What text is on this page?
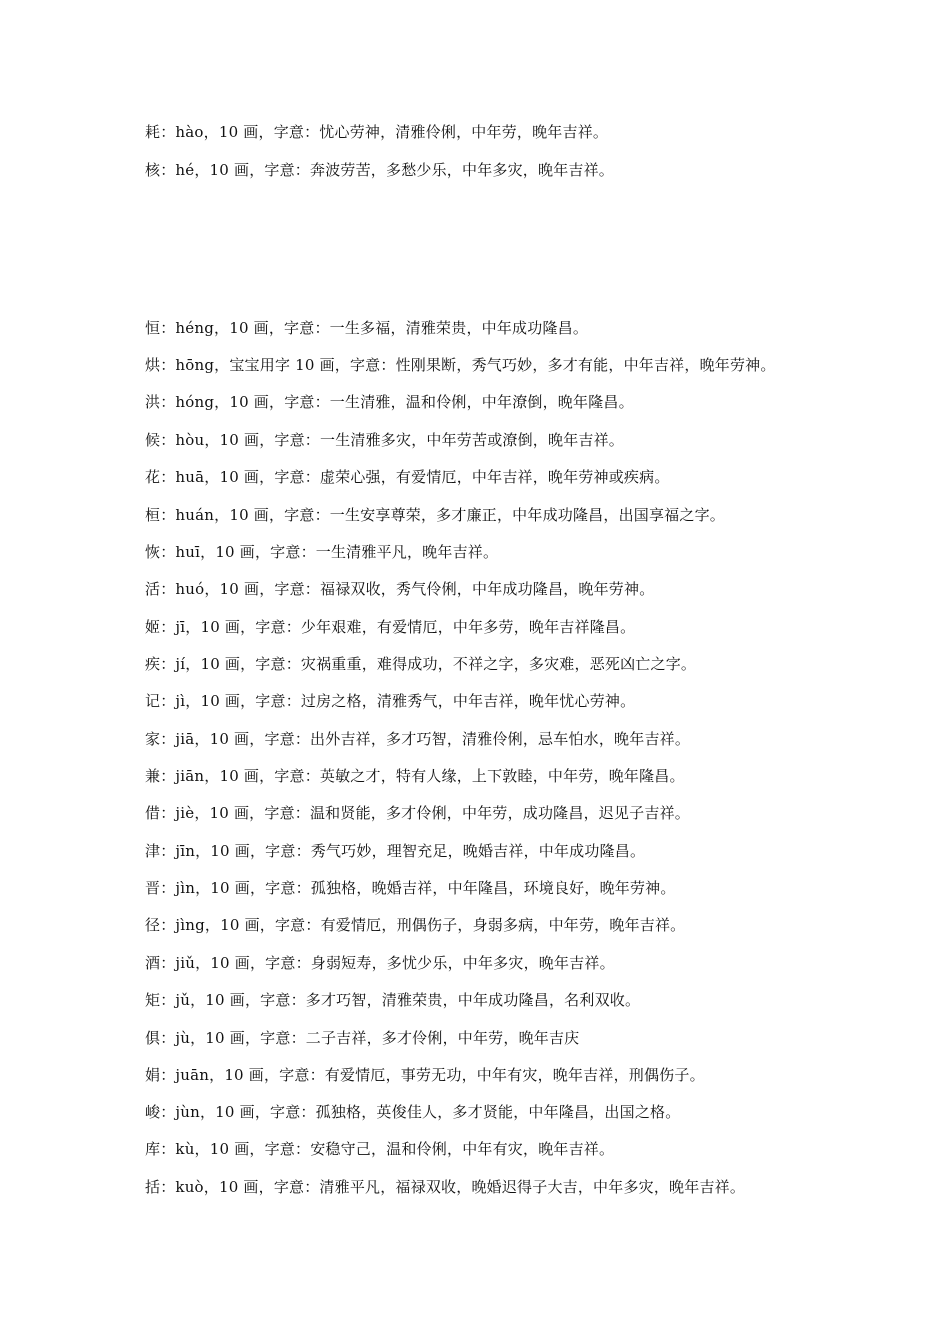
耗：hào，10 画，字意：忧心劳神，清雅伶俐，中年劳，晚年吉祥。
核：hé，10 画，字意：奔波劳苦，多愁少乐，中年多灾，晚年吉祥。
恒：héng，10 画，字意：一生多福，清雅荣贵，中年成功隆昌。
烘：hōng，宝宝用字 10 画，字意：性刚果断，秀气巧妙，多才有能，中年吉祥，晚年劳神。
洪：hóng，10 画，字意：一生清雅，温和伶俐，中年潦倒，晚年隆昌。
候：hòu，10 画，字意：一生清雅多灾，中年劳苦或潦倒，晚年吉祥。
花：huā，10 画，字意：虚荣心强，有爱情厄，中年吉祥，晚年劳神或疾病。
桓：huán，10 画，字意：一生安享尊荣，多才廉正，中年成功隆昌，出国享福之字。
恢：huī，10 画，字意：一生清雅平凡，晚年吉祥。
活：huó，10 画，字意：福禄双收，秀气伶俐，中年成功隆昌，晚年劳神。
姬：jī，10 画，字意：少年艰难，有爱情厄，中年多劳，晚年吉祥隆昌。
疾：jí，10 画，字意：灾祸重重，难得成功，不祥之字，多灾难，恶死凶亡之字。
记：jì，10 画，字意：过房之格，清雅秀气，中年吉祥，晚年忧心劳神。
家：jiā，10 画，字意：出外吉祥，多才巧智，清雅伶俐，忌车怕水，晚年吉祥。
兼：jiān，10 画，字意：英敏之才，特有人缘，上下敦睦，中年劳，晚年隆昌。
借：jiè，10 画，字意：温和贤能，多才伶俐，中年劳，成功隆昌，迟见子吉祥。
津：jīn，10 画，字意：秀气巧妙，理智充足，晚婚吉祥，中年成功隆昌。
晋：jìn，10 画，字意：孤独格，晚婚吉祥，中年隆昌，环境良好，晚年劳神。
径：jìng，10 画，字意：有爱情厄，刑偶伤子，身弱多病，中年劳，晚年吉祥。
酒：jiǔ，10 画，字意：身弱短寿，多忧少乐，中年多灾，晚年吉祥。
矩：jǔ，10 画，字意：多才巧智，清雅荣贵，中年成功隆昌，名利双收。
俱：jù，10 画，字意：二子吉祥，多才伶俐，中年劳，晚年吉庆
娟：juān，10 画，字意：有爱情厄，事劳无功，中年有灾，晚年吉祥，刑偶伤子。
峻：jùn，10 画，字意：孤独格，英俊佳人，多才贤能，中年隆昌，出国之格。
库：kù，10 画，字意：安稳守己，温和伶俐，中年有灾，晚年吉祥。
括：kuò，10 画，字意：清雅平凡，福禄双收，晚婚迟得子大吉，中年多灾，晚年吉祥。
